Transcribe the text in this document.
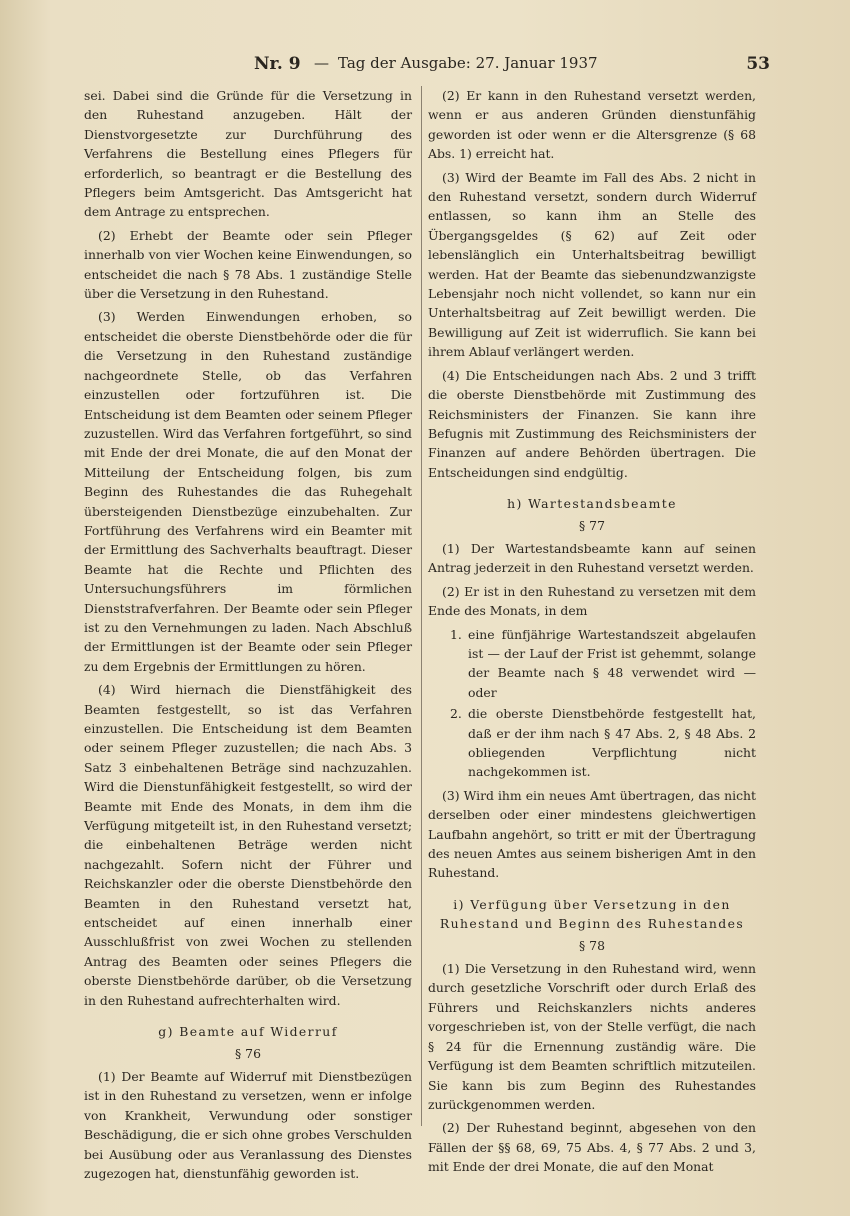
Nr. 9 — Tag der Ausgabe: 27. Januar 1937	53

sei. Dabei sind die Gründe für die Versetzung in den Ruhestand anzugeben. Hält der Dienstvorgesetzte zur Durchführung des Verfahrens die Bestellung eines Pflegers für erforderlich, so beantragt er die Bestellung des Pflegers beim Amtsgericht. Das Amtsgericht hat dem Antrage zu entsprechen.

(2) Erhebt der Beamte oder sein Pfleger innerhalb von vier Wochen keine Einwendungen, so entscheidet die nach § 78 Abs. 1 zuständige Stelle über die Versetzung in den Ruhestand.

(3) Werden Einwendungen erhoben, so entscheidet die oberste Dienstbehörde oder die für die Versetzung in den Ruhestand zuständige nachgeordnete Stelle, ob das Verfahren einzustellen oder fortzuführen ist. Die Entscheidung ist dem Beamten oder seinem Pfleger zuzustellen. Wird das Verfahren fortgeführt, so sind mit Ende der drei Monate, die auf den Monat der Mitteilung der Entscheidung folgen, bis zum Beginn des Ruhestandes die das Ruhegehalt übersteigenden Dienstbezüge einzubehalten. Zur Fortführung des Verfahrens wird ein Beamter mit der Ermittlung des Sachverhalts beauftragt. Dieser Beamte hat die Rechte und Pflichten des Untersuchungsführers im förmlichen Dienststrafverfahren. Der Beamte oder sein Pfleger ist zu den Vernehmungen zu laden. Nach Abschluß der Ermittlungen ist der Beamte oder sein Pfleger zu dem Ergebnis der Ermittlungen zu hören.

(4) Wird hiernach die Dienstfähigkeit des Beamten festgestellt, so ist das Verfahren einzustellen. Die Entscheidung ist dem Beamten oder seinem Pfleger zuzustellen; die nach Abs. 3 Satz 3 einbehaltenen Beträge sind nachzuzahlen. Wird die Dienstunfähigkeit festgestellt, so wird der Beamte mit Ende des Monats, in dem ihm die Verfügung mitgeteilt ist, in den Ruhestand versetzt; die einbehaltenen Beträge werden nicht nachgezahlt. Sofern nicht der Führer und Reichskanzler oder die oberste Dienstbehörde den Beamten in den Ruhestand versetzt hat, entscheidet auf einen innerhalb einer Ausschlußfrist von zwei Wochen zu stellenden Antrag des Beamten oder seines Pflegers die oberste Dienstbehörde darüber, ob die Versetzung in den Ruhestand aufrechterhalten wird.

g) Beamte auf Widerruf
§ 76

(1) Der Beamte auf Widerruf mit Dienstbezügen ist in den Ruhestand zu versetzen, wenn er infolge von Krankheit, Verwundung oder sonstiger Beschädigung, die er sich ohne grobes Verschulden bei Ausübung oder aus Veranlassung des Dienstes zugezogen hat, dienstunfähig geworden ist.

(2) Er kann in den Ruhestand versetzt werden, wenn er aus anderen Gründen dienstunfähig geworden ist oder wenn er die Altersgrenze (§ 68 Abs. 1) erreicht hat.

(3) Wird der Beamte im Fall des Abs. 2 nicht in den Ruhestand versetzt, sondern durch Widerruf entlassen, so kann ihm an Stelle des Übergangsgeldes (§ 62) auf Zeit oder lebenslänglich ein Unterhaltsbeitrag bewilligt werden. Hat der Beamte das siebenundzwanzigste Lebensjahr noch nicht vollendet, so kann nur ein Unterhaltsbeitrag auf Zeit bewilligt werden. Die Bewilligung auf Zeit ist widerruflich. Sie kann bei ihrem Ablauf verlängert werden.

(4) Die Entscheidungen nach Abs. 2 und 3 trifft die oberste Dienstbehörde mit Zustimmung des Reichsministers der Finanzen. Sie kann ihre Befugnis mit Zustimmung des Reichsministers der Finanzen auf andere Behörden übertragen. Die Entscheidungen sind endgültig.

h) Wartestandsbeamte
§ 77

(1) Der Wartestandsbeamte kann auf seinen Antrag jederzeit in den Ruhestand versetzt werden.

(2) Er ist in den Ruhestand zu versetzen mit dem Ende des Monats, in dem

1. eine fünfjährige Wartestandszeit abgelaufen ist — der Lauf der Frist ist gehemmt, solange der Beamte nach § 48 verwendet wird — oder
2. die oberste Dienstbehörde festgestellt hat, daß er der ihm nach § 47 Abs. 2, § 48 Abs. 2 obliegenden Verpflichtung nicht nachgekommen ist.

(3) Wird ihm ein neues Amt übertragen, das nicht derselben oder einer mindestens gleichwertigen Laufbahn angehört, so tritt er mit der Übertragung des neuen Amtes aus seinem bisherigen Amt in den Ruhestand.

i) Verfügung über Versetzung in den Ruhestand und Beginn des Ruhestandes
§ 78

(1) Die Versetzung in den Ruhestand wird, wenn durch gesetzliche Vorschrift oder durch Erlaß des Führers und Reichskanzlers nichts anderes vorgeschrieben ist, von der Stelle verfügt, die nach § 24 für die Ernennung zuständig wäre. Die Verfügung ist dem Beamten schriftlich mitzuteilen. Sie kann bis zum Beginn des Ruhestandes zurückgenommen werden.

(2) Der Ruhestand beginnt, abgesehen von den Fällen der §§ 68, 69, 75 Abs. 4, § 77 Abs. 2 und 3, mit Ende der drei Monate, die auf den Monat
